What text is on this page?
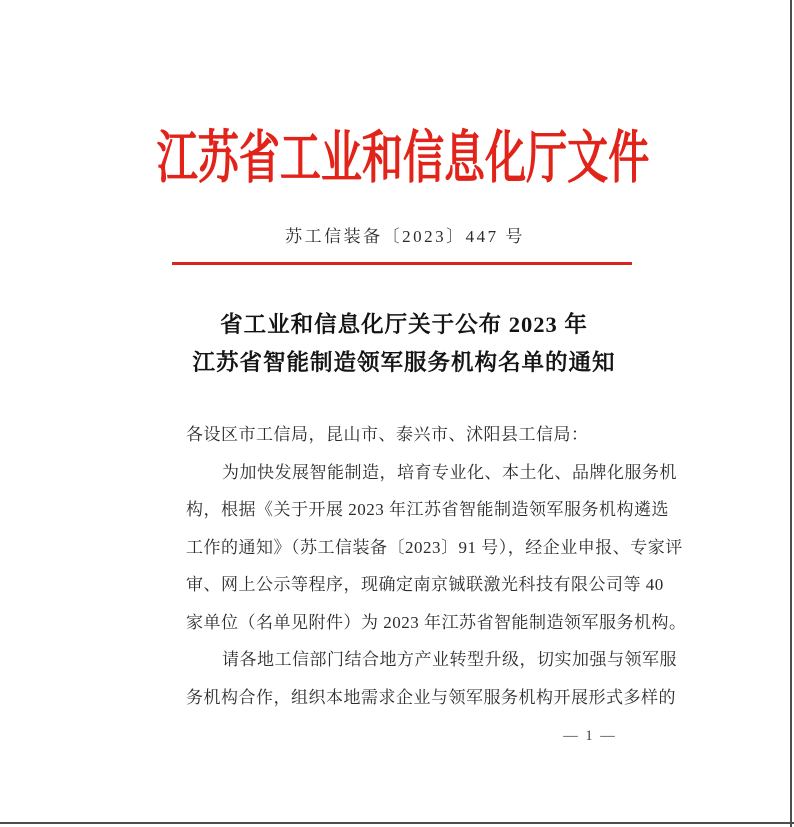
江苏省工业和信息化厅文件
苏工信装备〔2023〕447 号
省工业和信息化厅关于公布 2023 年
江苏省智能制造领军服务机构名单的通知
各设区市工信局，昆山市、泰兴市、沭阳县工信局：
为加快发展智能制造，培育专业化、本土化、品牌化服务机
构，根据《关于开展 2023 年江苏省智能制造领军服务机构遴选
工作的通知》（苏工信装备〔2023〕91 号），经企业申报、专家评
审、网上公示等程序，现确定南京铖联激光科技有限公司等 40
家单位（名单见附件）为 2023 年江苏省智能制造领军服务机构。
请各地工信部门结合地方产业转型升级，切实加强与领军服
务机构合作，组织本地需求企业与领军服务机构开展形式多样的
— 1 —
